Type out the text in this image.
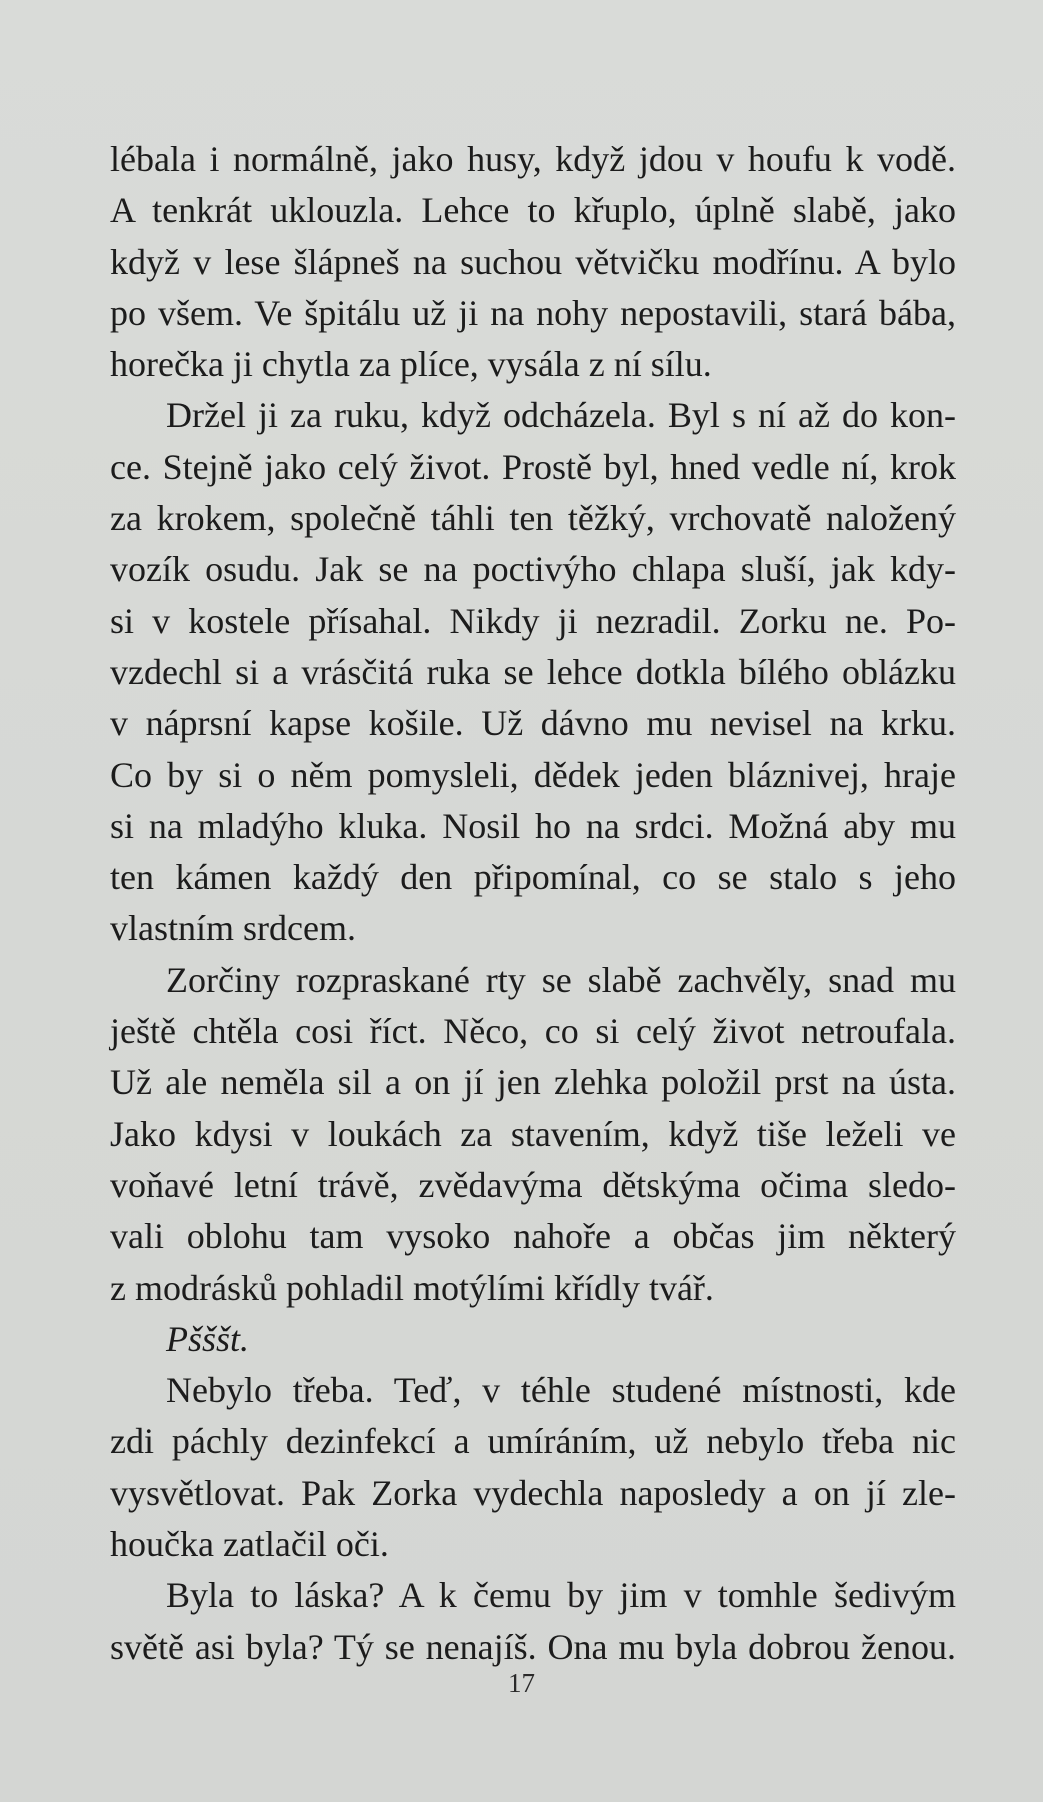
lébala i normálně, jako husy, když jdou v houfu k vodě.
A tenkrát uklouzla. Lehce to křuplo, úplně slabě, jako
když v lese šlápneš na suchou větvičku modřínu. A bylo
po všem. Ve špitálu už ji na nohy nepostavili, stará bába,
horečka ji chytla za plíce, vysála z ní sílu.
Držel ji za ruku, když odcházela. Byl s ní až do kon-
ce. Stejně jako celý život. Prostě byl, hned vedle ní, krok
za krokem, společně táhli ten těžký, vrchovatě naložený
vozík osudu. Jak se na poctivýho chlapa sluší, jak kdy-
si v kostele přísahal. Nikdy ji nezradil. Zorku ne. Po-
vzdechl si a vrásčitá ruka se lehce dotkla bílého oblázku
v náprsní kapse košile. Už dávno mu nevisel na krku.
Co by si o něm pomysleli, dědek jeden bláznivej, hraje
si na mladýho kluka. Nosil ho na srdci. Možná aby mu
ten kámen každý den připomínal, co se stalo s jeho
vlastním srdcem.
Zorčiny rozpraskané rty se slabě zachvěly, snad mu
ještě chtěla cosi říct. Něco, co si celý život netroufala.
Už ale neměla sil a on jí jen zlehka položil prst na ústa.
Jako kdysi v loukách za stavením, když tiše leželi ve
voňavé letní trávě, zvědavýma dětskýma očima sledo-
vali oblohu tam vysoko nahoře a občas jim některý
z modrásků pohladil motýlími křídly tvář.
Pšššt.
Nebylo třeba. Teď, v téhle studené místnosti, kde
zdi páchly dezinfekcí a umíráním, už nebylo třeba nic
vysvětlovat. Pak Zorka vydechla naposledy a on jí zle-
houčka zatlačil oči.
Byla to láska? A k čemu by jim v tomhle šedivým
světě asi byla? Tý se nenajíš. Ona mu byla dobrou ženou.
17
